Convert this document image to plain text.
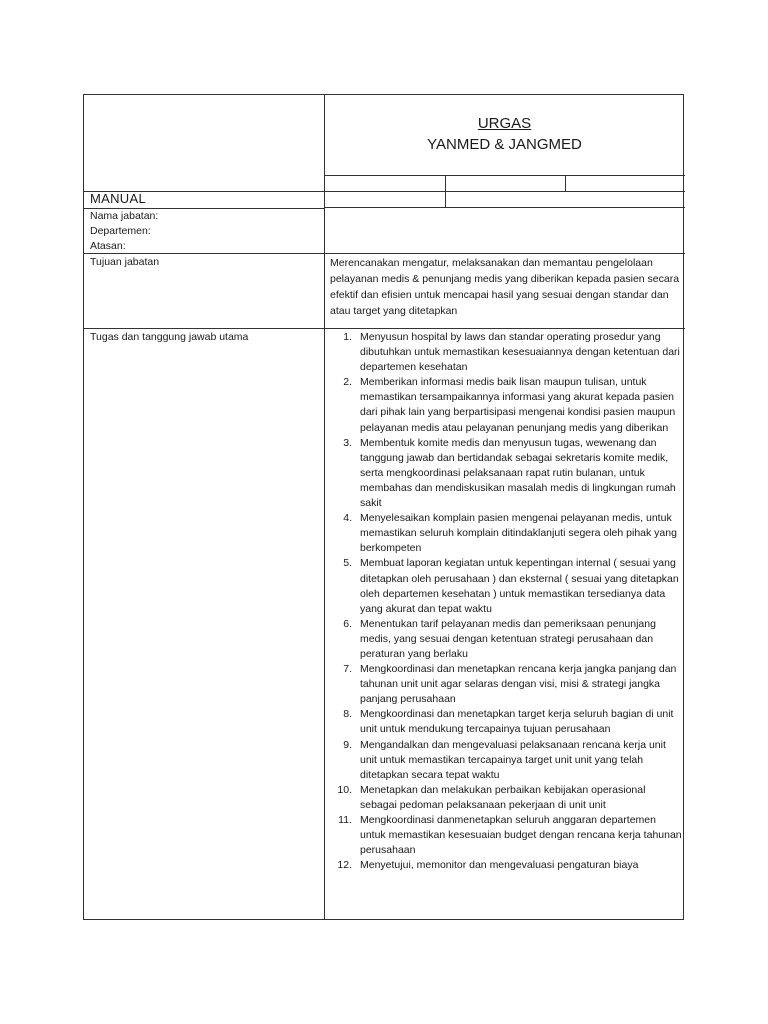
URGAS
YANMED & JANGMED
MANUAL
Nama jabatan:
Departemen:
Atasan:
Tujuan jabatan	Merencanakan mengatur, melaksanakan dan memantau pengelolaan pelayanan medis & penunjang medis yang diberikan kepada pasien secara efektif dan efisien untuk mencapai hasil yang sesuai dengan standar dan atau target yang ditetapkan
Tugas dan tanggung jawab utama	1. Menyusun hospital by laws dan standar operating prosedur yang dibutuhkan untuk memastikan kesesuaiannya dengan ketentuan dari departemen kesehatan
2. Memberikan informasi medis baik lisan maupun tulisan, untuk memastikan tersampaikannya informasi yang akurat kepada pasien dari pihak lain yang berpartisipasi mengenai kondisi pasien maupun pelayanan medis atau pelayanan penunjang medis yang diberikan
3. Membentuk komite medis dan menyusun tugas, wewenang dan tanggung jawab dan bertidandak sebagai sekretaris komite medik, serta mengkoordinasi pelaksanaan rapat rutin bulanan, untuk membahas dan mendiskusikan masalah medis di lingkungan rumah sakit
4. Menyelesaikan komplain pasien mengenai pelayanan medis, untuk memastikan seluruh komplain ditindaklanjuti segera oleh pihak yang berkompeten
5. Membuat laporan kegiatan untuk kepentingan internal ( sesuai yang ditetapkan oleh perusahaan ) dan eksternal ( sesuai yang ditetapkan oleh departemen kesehatan ) untuk memastikan tersedianya data yang akurat dan tepat waktu
6. Menentukan tarif pelayanan medis dan pemeriksaan penunjang medis, yang sesuai dengan ketentuan strategi perusahaan dan peraturan yang berlaku
7. Mengkoordinasi dan menetapkan rencana kerja jangka panjang dan tahunan unit unit agar selaras dengan visi, misi & strategi jangka panjang perusahaan
8. Mengkoordinasi dan menetapkan target kerja seluruh bagian di unit unit untuk mendukung tercapainya tujuan perusahaan
9. Mengandalkan dan mengevaluasi pelaksanaan rencana kerja unit unit untuk memastikan tercapainya target unit unit yang telah ditetapkan secara tepat waktu
10. Menetapkan dan melakukan perbaikan kebijakan operasional sebagai pedoman pelaksanaan pekerjaan di unit unit
11. Mengkoordinasi danmenetapkan seluruh anggaran departemen untuk memastikan kesesuaian budget dengan rencana kerja tahunan perusahaan
12. Menyetujui, memonitor dan mengevaluasi pengaturan biaya
